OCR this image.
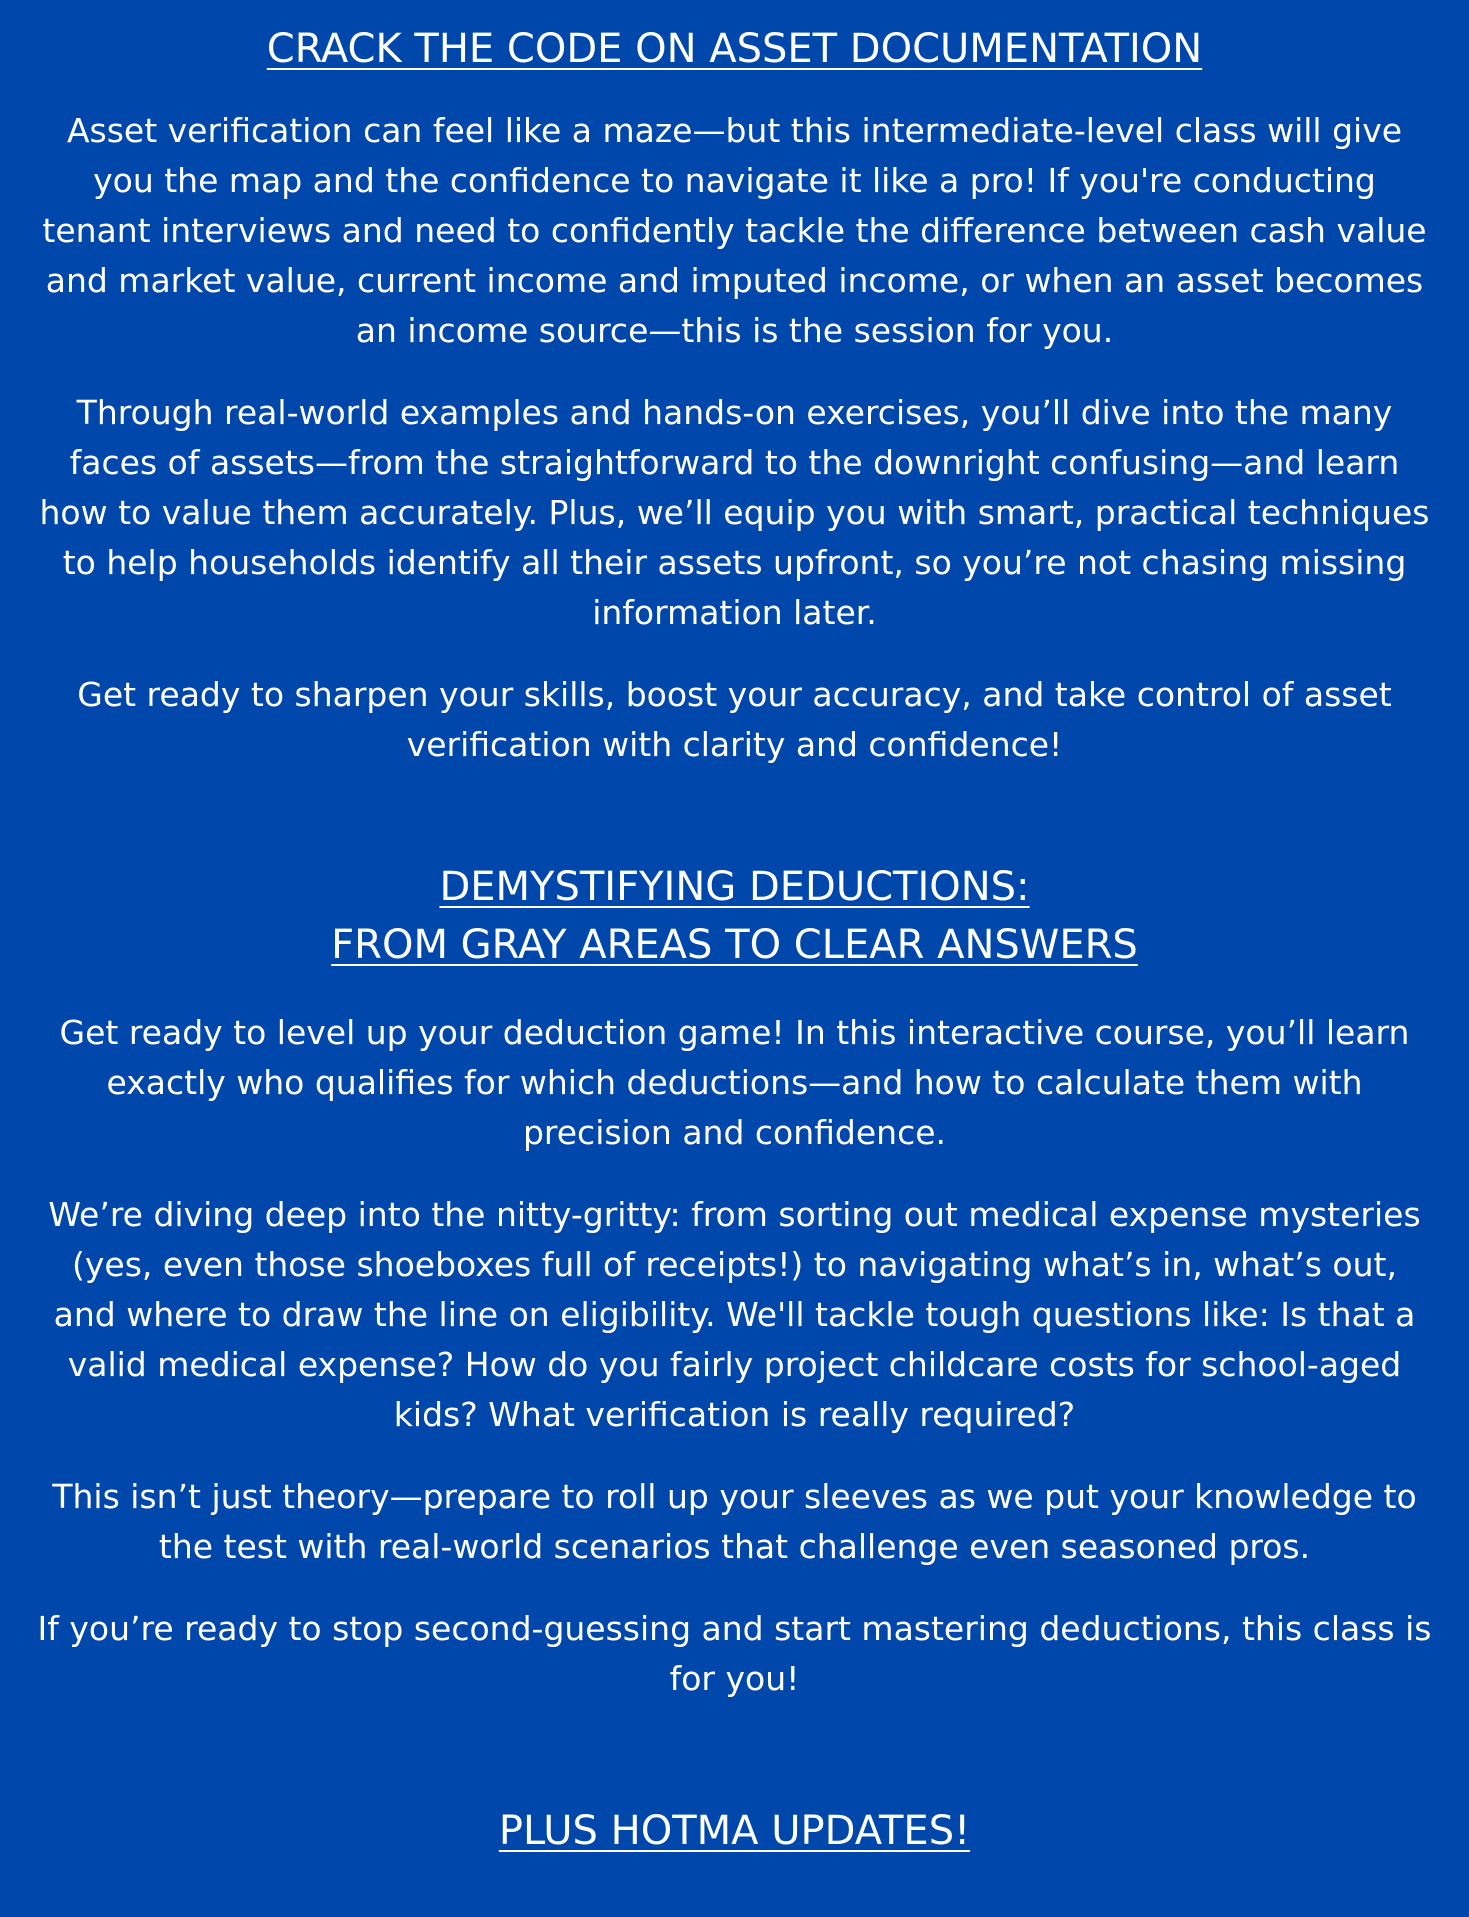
CRACK THE CODE ON ASSET DOCUMENTATION

Asset verification can feel like a maze—but this intermediate-level class will give you the map and the confidence to navigate it like a pro! If you're conducting tenant interviews and need to confidently tackle the difference between cash value and market value, current income and imputed income, or when an asset becomes an income source—this is the session for you.

Through real-world examples and hands-on exercises, you’ll dive into the many faces of assets—from the straightforward to the downright confusing—and learn how to value them accurately. Plus, we’ll equip you with smart, practical techniques to help households identify all their assets upfront, so you’re not chasing missing information later.

Get ready to sharpen your skills, boost your accuracy, and take control of asset verification with clarity and confidence!

DEMYSTIFYING DEDUCTIONS:
FROM GRAY AREAS TO CLEAR ANSWERS

Get ready to level up your deduction game! In this interactive course, you’ll learn exactly who qualifies for which deductions—and how to calculate them with precision and confidence.

We’re diving deep into the nitty-gritty: from sorting out medical expense mysteries (yes, even those shoeboxes full of receipts!) to navigating what’s in, what’s out, and where to draw the line on eligibility. We'll tackle tough questions like: Is that a valid medical expense? How do you fairly project childcare costs for school-aged kids? What verification is really required?

This isn’t just theory—prepare to roll up your sleeves as we put your knowledge to the test with real-world scenarios that challenge even seasoned pros.

If you’re ready to stop second-guessing and start mastering deductions, this class is for you!

PLUS HOTMA UPDATES!
